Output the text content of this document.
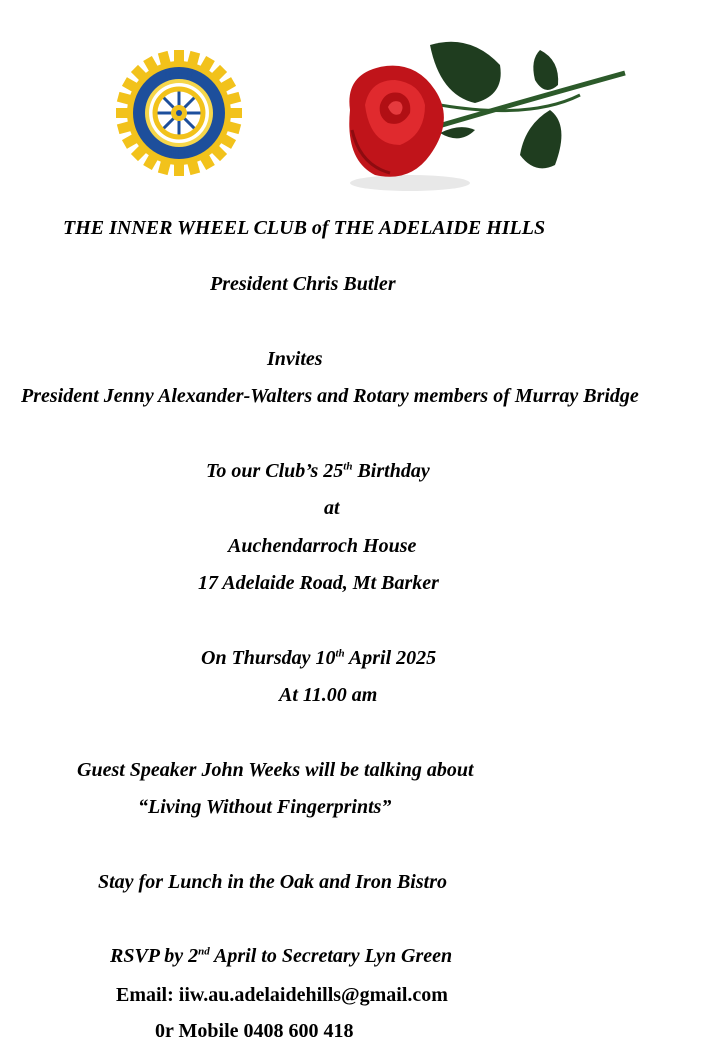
INNER
WHEEL
THE INNER WHEEL CLUB of THE ADELAIDE HILLS
President Chris Butler
Invites
President Jenny Alexander-Walters and Rotary members of Murray Bridge
To our Club’s 25th Birthday
at
Auchendarroch House
17 Adelaide Road, Mt Barker
On Thursday 10th April 2025
At 11.00 am
Guest Speaker John Weeks will be talking about
“Living Without Fingerprints”
Stay for Lunch in the Oak and Iron Bistro
RSVP by 2nd April to Secretary Lyn Green
Email: iiw.au.adelaidehills@gmail.com
0r Mobile 0408 600 418
